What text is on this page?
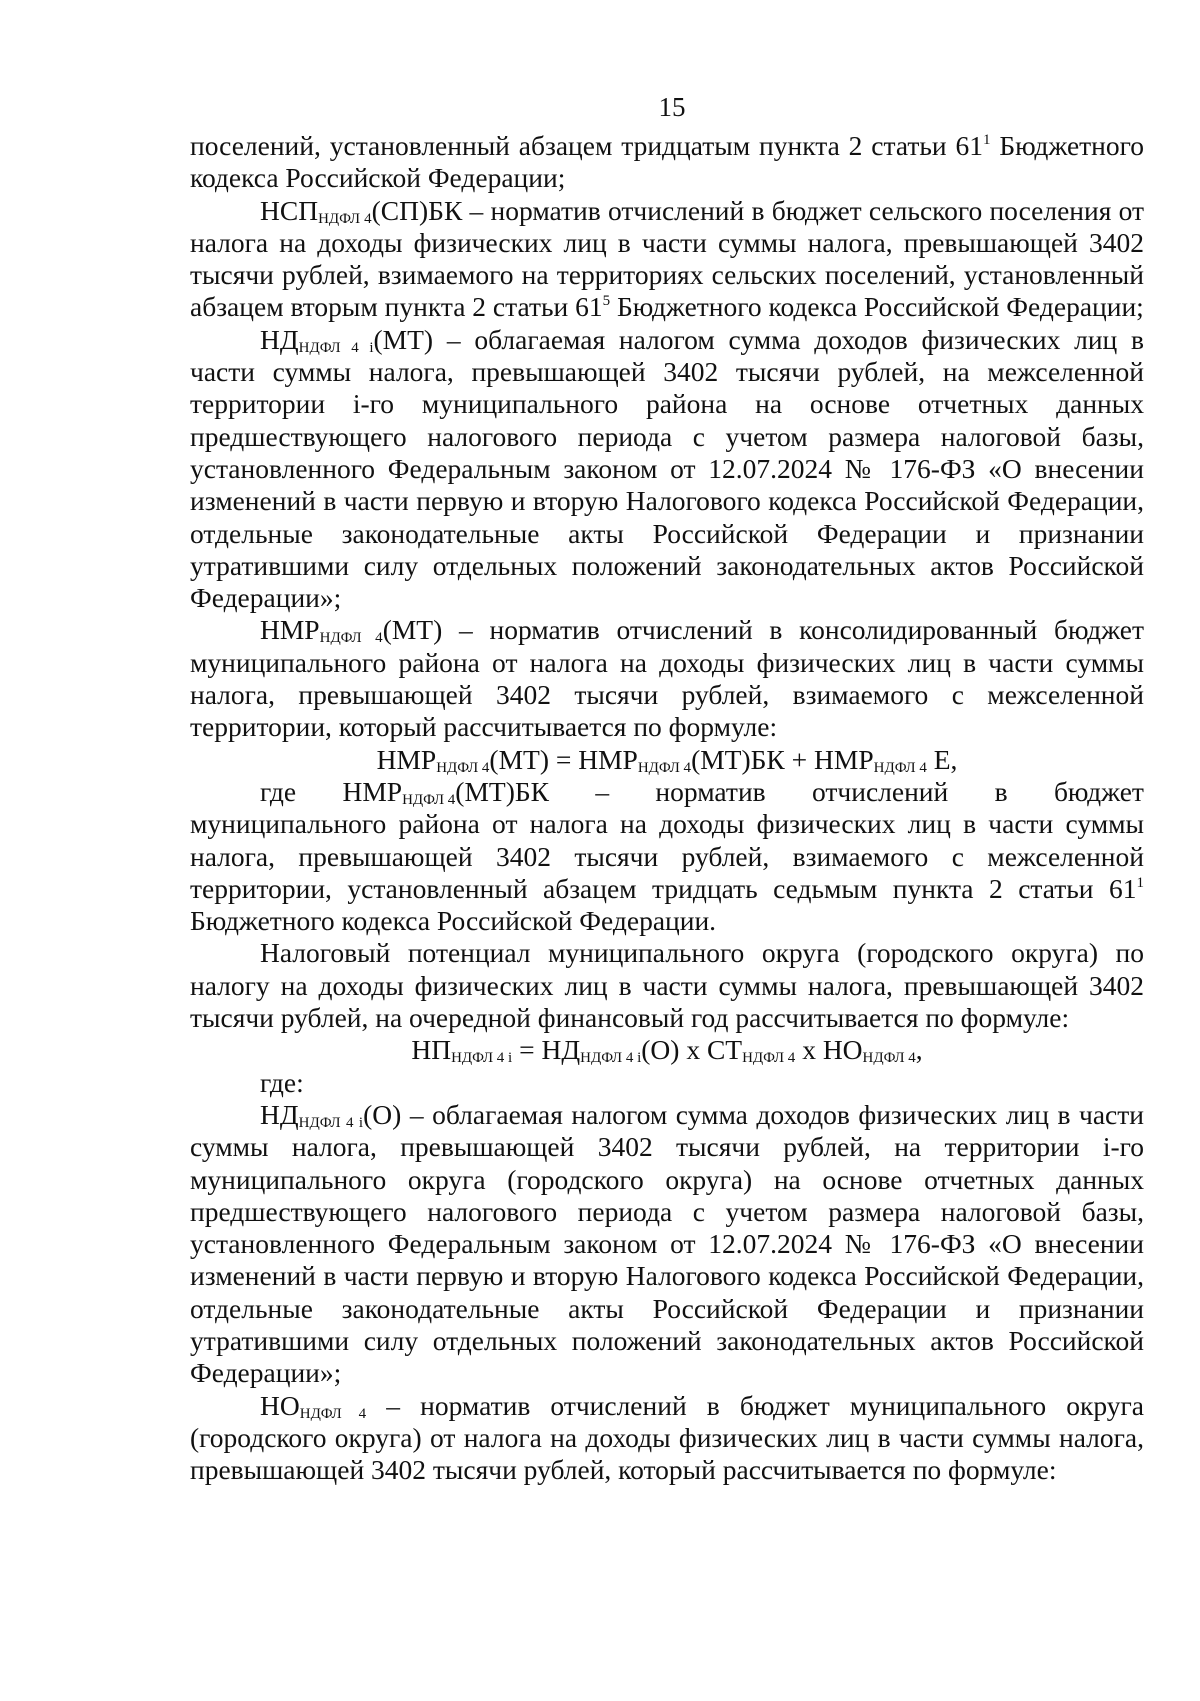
15

поселений, установленный абзацем тридцатым пункта 2 статьи $61^1$ Бюджетного кодекса Российской Федерации;

$НСП_{НДФЛ 4}(СП)БК$ – норматив отчислений в бюджет сельского поселения от налога на доходы физических лиц в части суммы налога, превышающей 3402 тысячи рублей, взимаемого на территориях сельских поселений, установленный абзацем вторым пункта 2 статьи $61^5$ Бюджетного кодекса Российской Федерации;

$НД_{НДФЛ 4 i}(МТ)$ – облагаемая налогом сумма доходов физических лиц в части суммы налога, превышающей 3402 тысячи рублей, на межселенной территории i-го муниципального района на основе отчетных данных предшествующего налогового периода с учетом размера налоговой базы, установленного Федеральным законом от 12.07.2024 № 176-ФЗ «О внесении изменений в части первую и вторую Налогового кодекса Российской Федерации, отдельные законодательные акты Российской Федерации и признании утратившими силу отдельных положений законодательных актов Российской Федерации»;

$НМР_{НДФЛ 4}(МТ)$ – норматив отчислений в консолидированный бюджет муниципального района от налога на доходы физических лиц в части суммы налога, превышающей 3402 тысячи рублей, взимаемого с межселенной территории, который рассчитывается по формуле:

$НМР_{НДФЛ 4}(МТ) = НМР_{НДФЛ 4}(МТ)БК + НМР_{НДФЛ 4}$ Е,

где $НМР_{НДФЛ 4}(МТ)БК$ – норматив отчислений в бюджет

муниципального района от налога на доходы физических лиц в части суммы налога, превышающей 3402 тысячи рублей, взимаемого с межселенной территории, установленный абзацем тридцать седьмым пункта 2 статьи $61^1$ Бюджетного кодекса Российской Федерации.

Налоговый потенциал муниципального округа (городского округа) по налогу на доходы физических лиц в части суммы налога, превышающей 3402 тысячи рублей, на очередной финансовый год рассчитывается по формуле:

$НП_{НДФЛ 4 i} = НД_{НДФЛ 4 i}(О)$ x $СТ_{НДФЛ 4}$ x $НО_{НДФЛ 4}$,

где:

$НД_{НДФЛ 4 i}(О)$ – облагаемая налогом сумма доходов физических лиц в части суммы налога, превышающей 3402 тысячи рублей, на территории i-го муниципального округа (городского округа) на основе отчетных данных предшествующего налогового периода с учетом размера налоговой базы, установленного Федеральным законом от 12.07.2024 № 176-ФЗ «О внесении изменений в части первую и вторую Налогового кодекса Российской Федерации, отдельные законодательные акты Российской Федерации и признании утратившими силу отдельных положений законодательных актов Российской Федерации»;

$НО_{НДФЛ 4}$ – норматив отчислений в бюджет муниципального округа (городского округа) от налога на доходы физических лиц в части суммы налога, превышающей 3402 тысячи рублей, который рассчитывается по формуле:
